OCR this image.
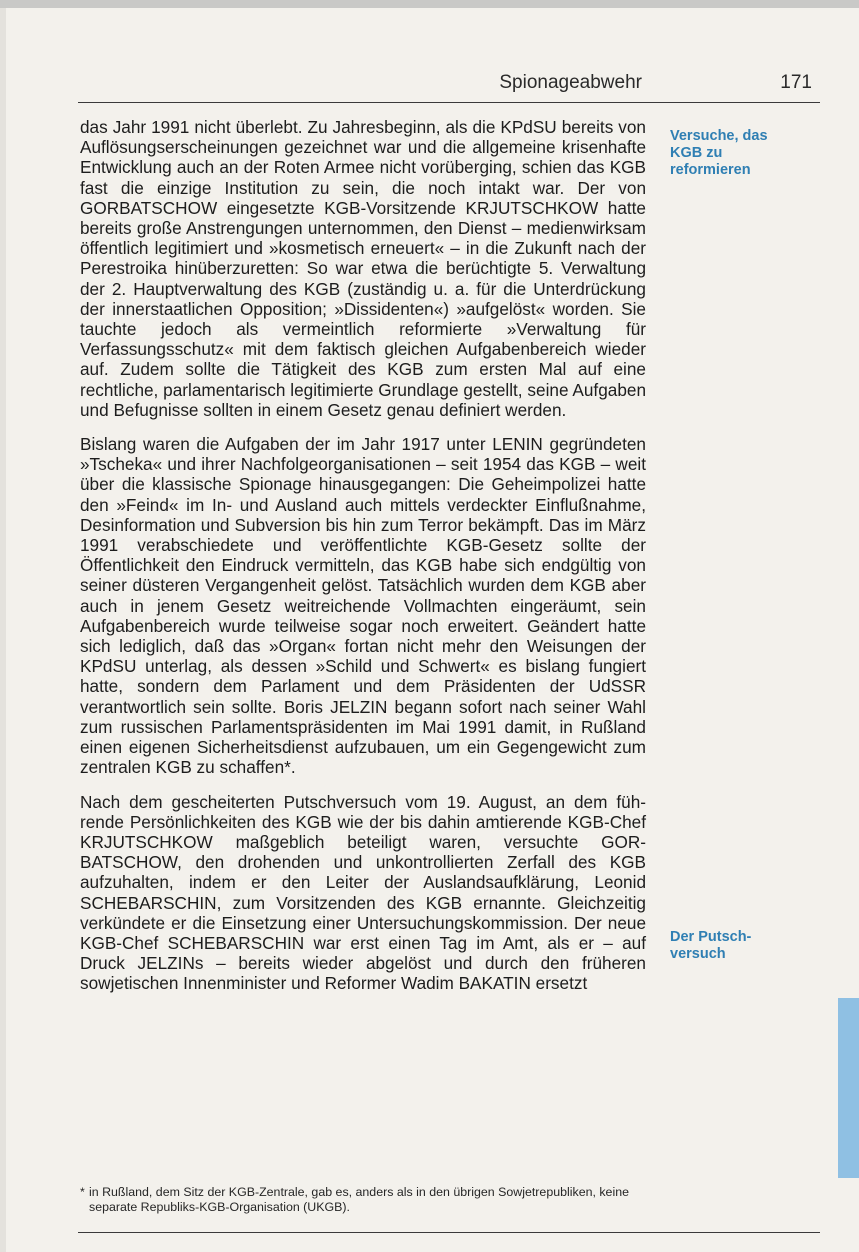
Spionageabwehr	171

das Jahr 1991 nicht überlebt. Zu Jahresbeginn, als die KPdSU bereits von Auflösungserscheinungen gezeichnet war und die allgemeine krisenhafte Entwicklung auch an der Roten Armee nicht vorüberging, schien das KGB fast die einzige Institution zu sein, die noch intakt war. Der von GORBATSCHOW eingesetzte KGB-Vorsitzende KRJUTSCHKOW hatte bereits große Anstrengungen unternommen, den Dienst – medienwirksam öffentlich legitimiert und »kosmetisch erneuert« – in die Zukunft nach der Perestroika hinüberzuretten: So war etwa die berüchtigte 5. Verwaltung der 2. Hauptverwaltung des KGB (zuständig u. a. für die Unterdrückung der innerstaatlichen Opposition; »Dissidenten«) »aufgelöst« worden. Sie tauchte jedoch als vermeintlich reformierte »Verwaltung für Verfassungsschutz« mit dem faktisch gleichen Aufgabenbereich wieder auf. Zudem sollte die Tätigkeit des KGB zum ersten Mal auf eine rechtliche, parlamentarisch legitimierte Grundlage gestellt, seine Aufgaben und Befugnisse sollten in einem Gesetz genau definiert werden.

Bislang waren die Aufgaben der im Jahr 1917 unter LENIN gegründeten »Tscheka« und ihrer Nachfolgeorganisationen – seit 1954 das KGB – weit über die klassische Spionage hinausgegangen: Die Geheimpolizei hatte den »Feind« im In- und Ausland auch mittels verdeckter Einflußnahme, Desinformation und Subversion bis hin zum Terror bekämpft. Das im März 1991 verabschiedete und veröffentlichte KGB-Gesetz sollte der Öffentlichkeit den Eindruck vermitteln, das KGB habe sich endgültig von seiner düsteren Vergangenheit gelöst. Tatsächlich wurden dem KGB aber auch in jenem Gesetz weitreichende Vollmachten eingeräumt, sein Aufgabenbereich wurde teilweise sogar noch erweitert. Geändert hatte sich lediglich, daß das »Organ« fortan nicht mehr den Weisungen der KPdSU unterlag, als dessen »Schild und Schwert« es bislang fungiert hatte, sondern dem Parlament und dem Präsidenten der UdSSR verantwortlich sein sollte. Boris JELZIN begann sofort nach seiner Wahl zum russischen Parlamentspräsidenten im Mai 1991 damit, in Rußland einen eigenen Sicherheitsdienst aufzubauen, um ein Gegengewicht zum zentralen KGB zu schaffen*.

Nach dem gescheiterten Putschversuch vom 19. August, an dem führende Persönlichkeiten des KGB wie der bis dahin amtierende KGB-Chef KRJUTSCHKOW maßgeblich beteiligt waren, versuchte GORBATSCHOW, den drohenden und unkontrollierten Zerfall des KGB aufzuhalten, indem er den Leiter der Auslandsaufklärung, Leonid SCHEBARSCHIN, zum Vorsitzenden des KGB ernannte. Gleichzeitig verkündete er die Einsetzung einer Untersuchungskommission. Der neue KGB-Chef SCHEBARSCHIN war erst einen Tag im Amt, als er – auf Druck JELZINs – bereits wieder abgelöst und durch den früheren sowjetischen Innenminister und Reformer Wadim BAKATIN ersetzt

Versuche, das KGB zu reformieren
Der Putsch-versuch
* in Rußland, dem Sitz der KGB-Zentrale, gab es, anders als in den übrigen Sowjetrepubliken, keine separate Republiks-KGB-Organisation (UKGB).
